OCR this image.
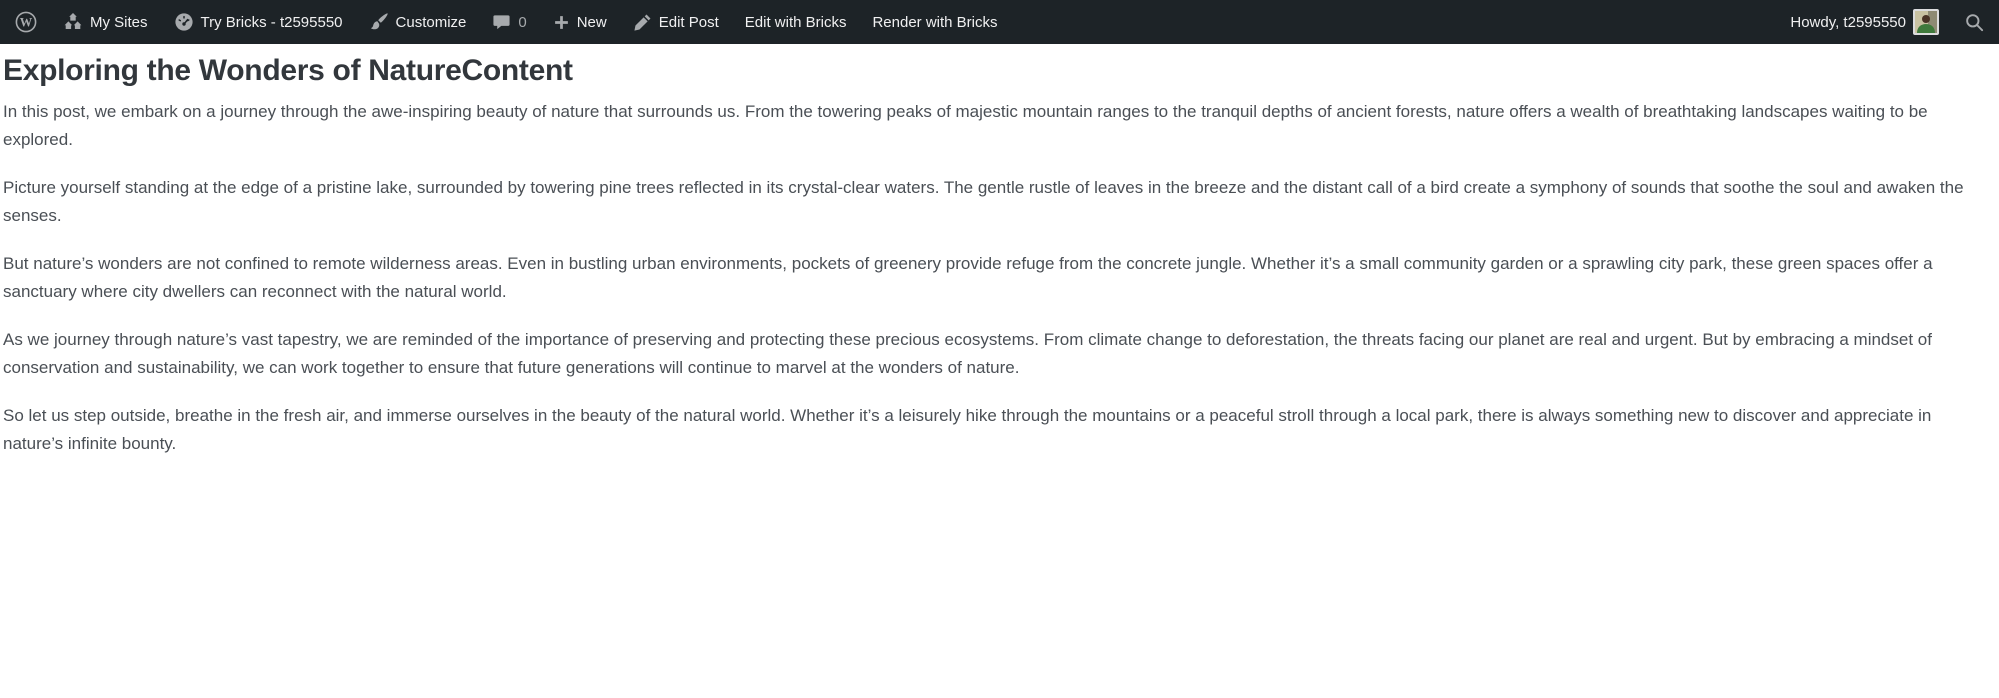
W	My Sites	Try Bricks - t2595550	Customize	0	New	Edit Post Edit with Bricks Render with Bricks	Howdy, t2595550
Exploring the Wonders of NatureContent

In this post, we embark on a journey through the awe-inspiring beauty of nature that surrounds us. From the towering peaks of majestic mountain ranges to the tranquil depths of ancient forests, nature offers a wealth of breathtaking landscapes waiting to be explored.

Picture yourself standing at the edge of a pristine lake, surrounded by towering pine trees reflected in its crystal-clear waters. The gentle rustle of leaves in the breeze and the distant call of a bird create a symphony of sounds that soothe the soul and awaken the senses.

But nature’s wonders are not confined to remote wilderness areas. Even in bustling urban environments, pockets of greenery provide refuge from the concrete jungle. Whether it’s a small community garden or a sprawling city park, these green spaces offer a sanctuary where city dwellers can reconnect with the natural world.

As we journey through nature’s vast tapestry, we are reminded of the importance of preserving and protecting these precious ecosystems. From climate change to deforestation, the threats facing our planet are real and urgent. But by embracing a mindset of conservation and sustainability, we can work together to ensure that future generations will continue to marvel at the wonders of nature.

So let us step outside, breathe in the fresh air, and immerse ourselves in the beauty of the natural world. Whether it’s a leisurely hike through the mountains or a peaceful stroll through a local park, there is always something new to discover and appreciate in nature’s infinite bounty.
